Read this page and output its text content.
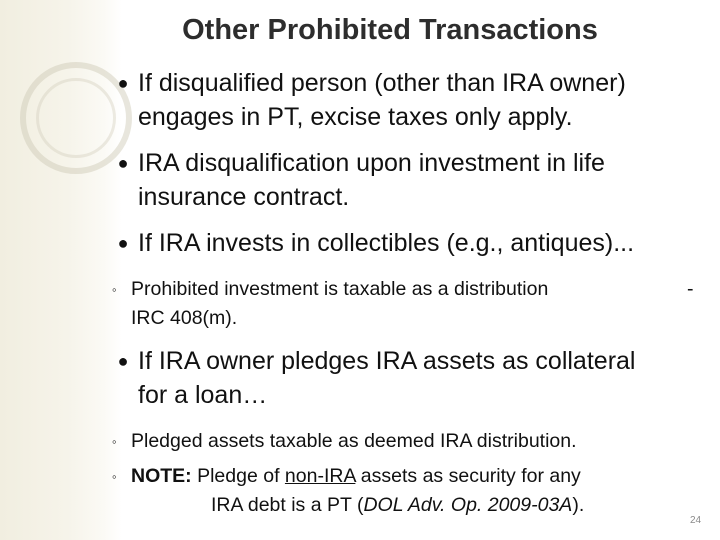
Other Prohibited Transactions
● If disqualified person (other than IRA owner)
engages in PT, excise taxes only apply.
● IRA disqualification upon investment in life
insurance contract.
● If IRA invests in collectibles (e.g., antiques)...
◦ Prohibited investment is taxable as a distribution
IRC 408(m).
-
● If IRA owner pledges IRA assets as collateral
for a loan…
◦ Pledged assets taxable as deemed IRA distribution.
◦ NOTE: Pledge of non-IRA assets as security for any
IRA debt is a PT (DOL Adv. Op. 2009-03A).
24
